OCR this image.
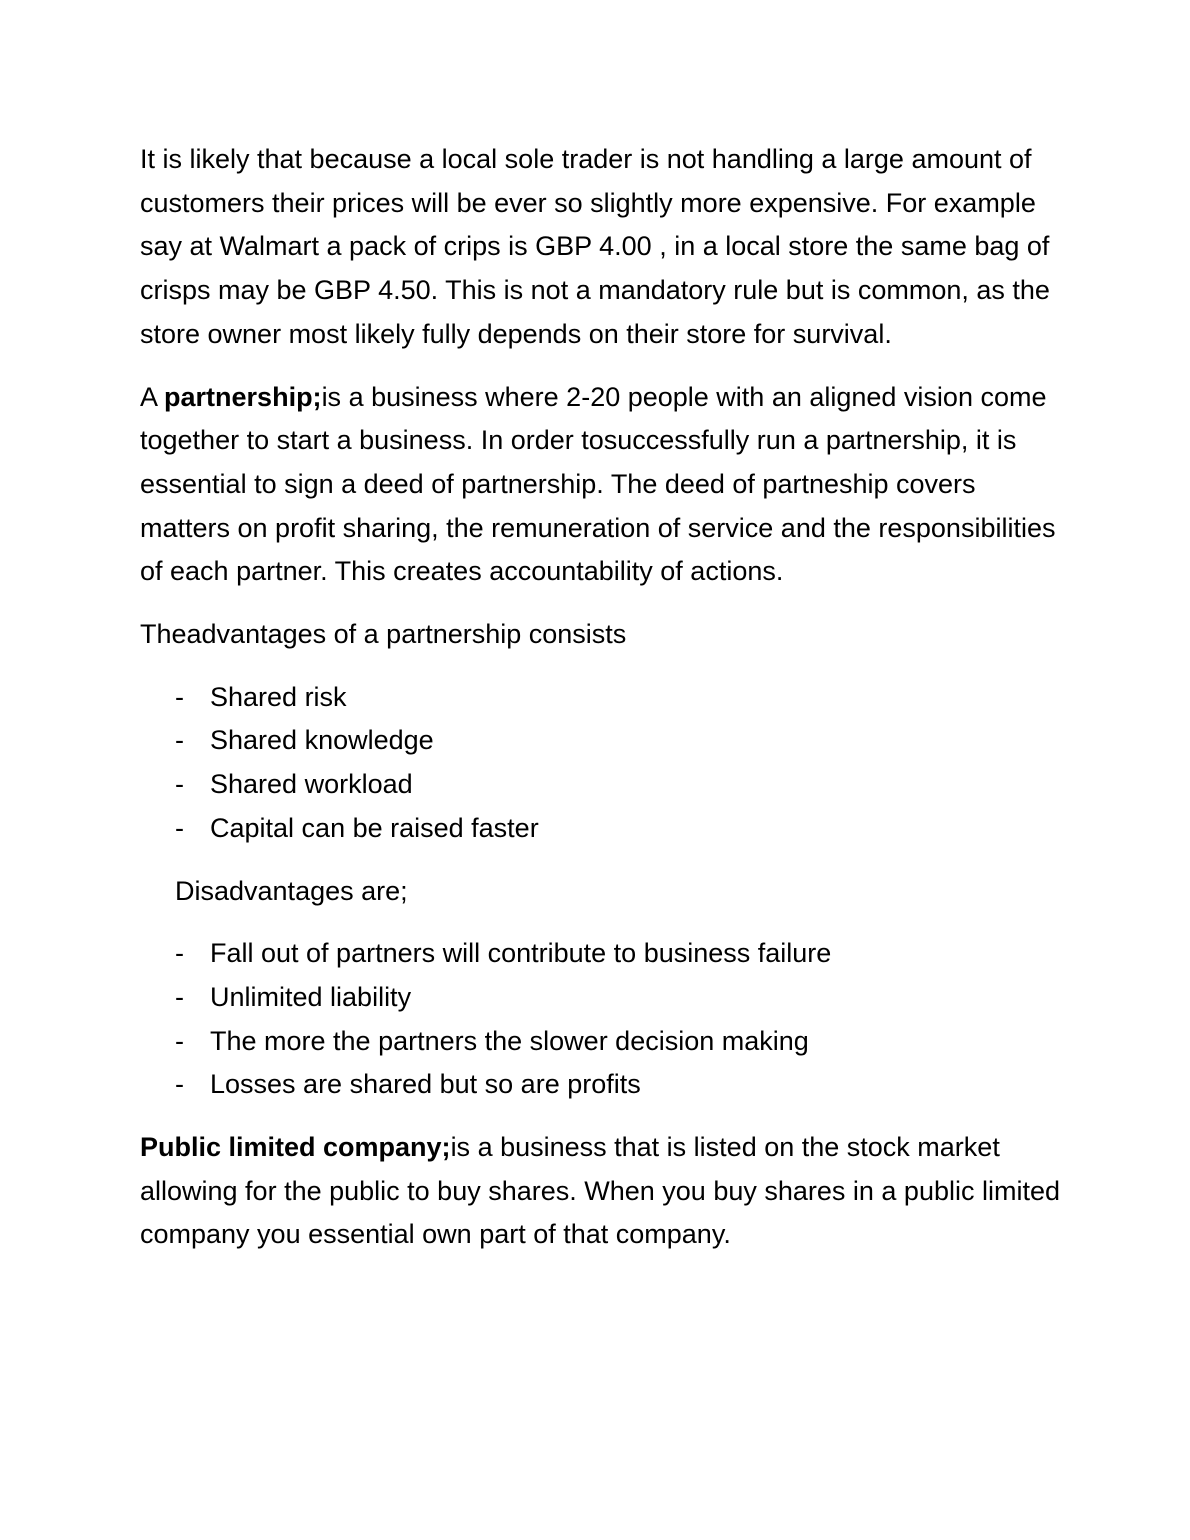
It is likely that because a local sole trader is not handling a large amount of customers their prices will be ever so slightly more expensive. For example say at Walmart a pack of crips is GBP 4.00 , in a local store the same bag of crisps may be GBP 4.50. This is not a mandatory rule but is common, as the store owner most likely fully depends on their store for survival.

A partnership;is a business where 2-20 people with an aligned vision come together to start a business. In order tosuccessfully run a partnership, it is essential to sign a deed of partnership. The deed of partneship covers matters on profit sharing, the remuneration of service and the responsibilities of each partner. This creates accountability of actions.

Theadvantages of a partnership consists

- Shared risk
- Shared knowledge
- Shared workload
- Capital can be raised faster

Disadvantages are;

- Fall out of partners will contribute to business failure
- Unlimited liability
- The more the partners the slower decision making
- Losses are shared but so are profits

Public limited company;is a business that is listed on the stock market allowing for the public to buy shares. When you buy shares in a public limited company you essential own part of that company.
